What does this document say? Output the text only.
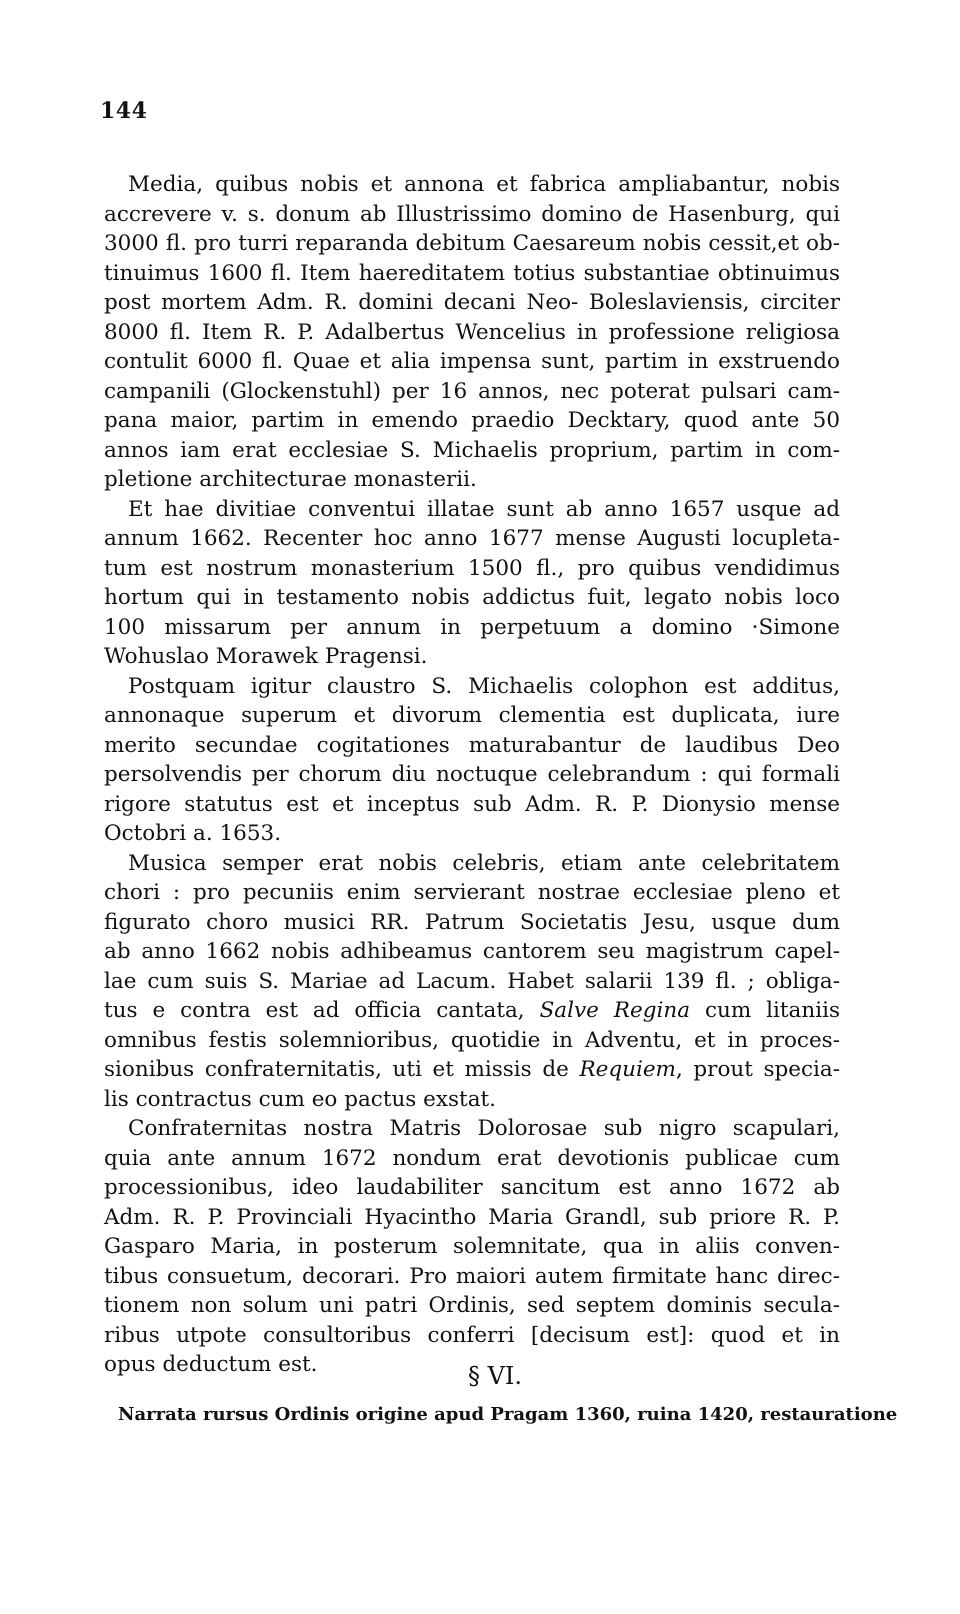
144
Media, quibus nobis et annona et fabrica ampliabantur, nobis
accrevere v. s. donum ab Illustrissimo domino de Hasenburg, qui
3000 fl. pro turri reparanda debitum Caesareum nobis cessit,et ob-
tinuimus 1600 fl. Item haereditatem totius substantiae obtinuimus
post mortem Adm. R. domini decani Neo- Boleslaviensis, circiter
8000 fl. Item R. P. Adalbertus Wencelius in professione religiosa
contulit 6000 fl. Quae et alia impensa sunt, partim in exstruendo
campanili (Glockenstuhl) per 16 annos, nec poterat pulsari cam-
pana maior, partim in emendo praedio Decktary, quod ante 50
annos iam erat ecclesiae S. Michaelis proprium, partim in com-
pletione architecturae monasterii.
Et hae divitiae conventui illatae sunt ab anno 1657 usque ad
annum 1662. Recenter hoc anno 1677 mense Augusti locupleta-
tum est nostrum monasterium 1500 fl., pro quibus vendidimus
hortum qui in testamento nobis addictus fuit, legato nobis loco
100 missarum per annum in perpetuum a domino ·Simone
Wohuslao Morawek Pragensi.
Postquam igitur claustro S. Michaelis colophon est additus,
annonaque superum et divorum clementia est duplicata, iure
merito secundae cogitationes maturabantur de laudibus Deo
persolvendis per chorum diu noctuque celebrandum : qui formali
rigore statutus est et inceptus sub Adm. R. P. Dionysio mense
Octobri a. 1653.
Musica semper erat nobis celebris, etiam ante celebritatem
chori : pro pecuniis enim servierant nostrae ecclesiae pleno et
figurato choro musici RR. Patrum Societatis Jesu, usque dum
ab anno 1662 nobis adhibeamus cantorem seu magistrum capel-
lae cum suis S. Mariae ad Lacum. Habet salarii 139 fl. ; obliga-
tus e contra est ad officia cantata, Salve Regina cum litaniis
omnibus festis solemnioribus, quotidie in Adventu, et in proces-
sionibus confraternitatis, uti et missis de Requiem, prout specia-
lis contractus cum eo pactus exstat.
Confraternitas nostra Matris Dolorosae sub nigro scapulari,
quia ante annum 1672 nondum erat devotionis publicae cum
processionibus, ideo laudabiliter sancitum est anno 1672 ab
Adm. R. P. Provinciali Hyacintho Maria Grandl, sub priore R. P.
Gasparo Maria, in posterum solemnitate, qua in aliis conven-
tibus consuetum, decorari. Pro maiori autem firmitate hanc direc-
tionem non solum uni patri Ordinis, sed septem dominis secula-
ribus utpote consultoribus conferri [decisum est]: quod et in
opus deductum est.	§ VI.
Narrata rursus Ordinis origine apud Pragam 1360, ruina 1420, restauratione
